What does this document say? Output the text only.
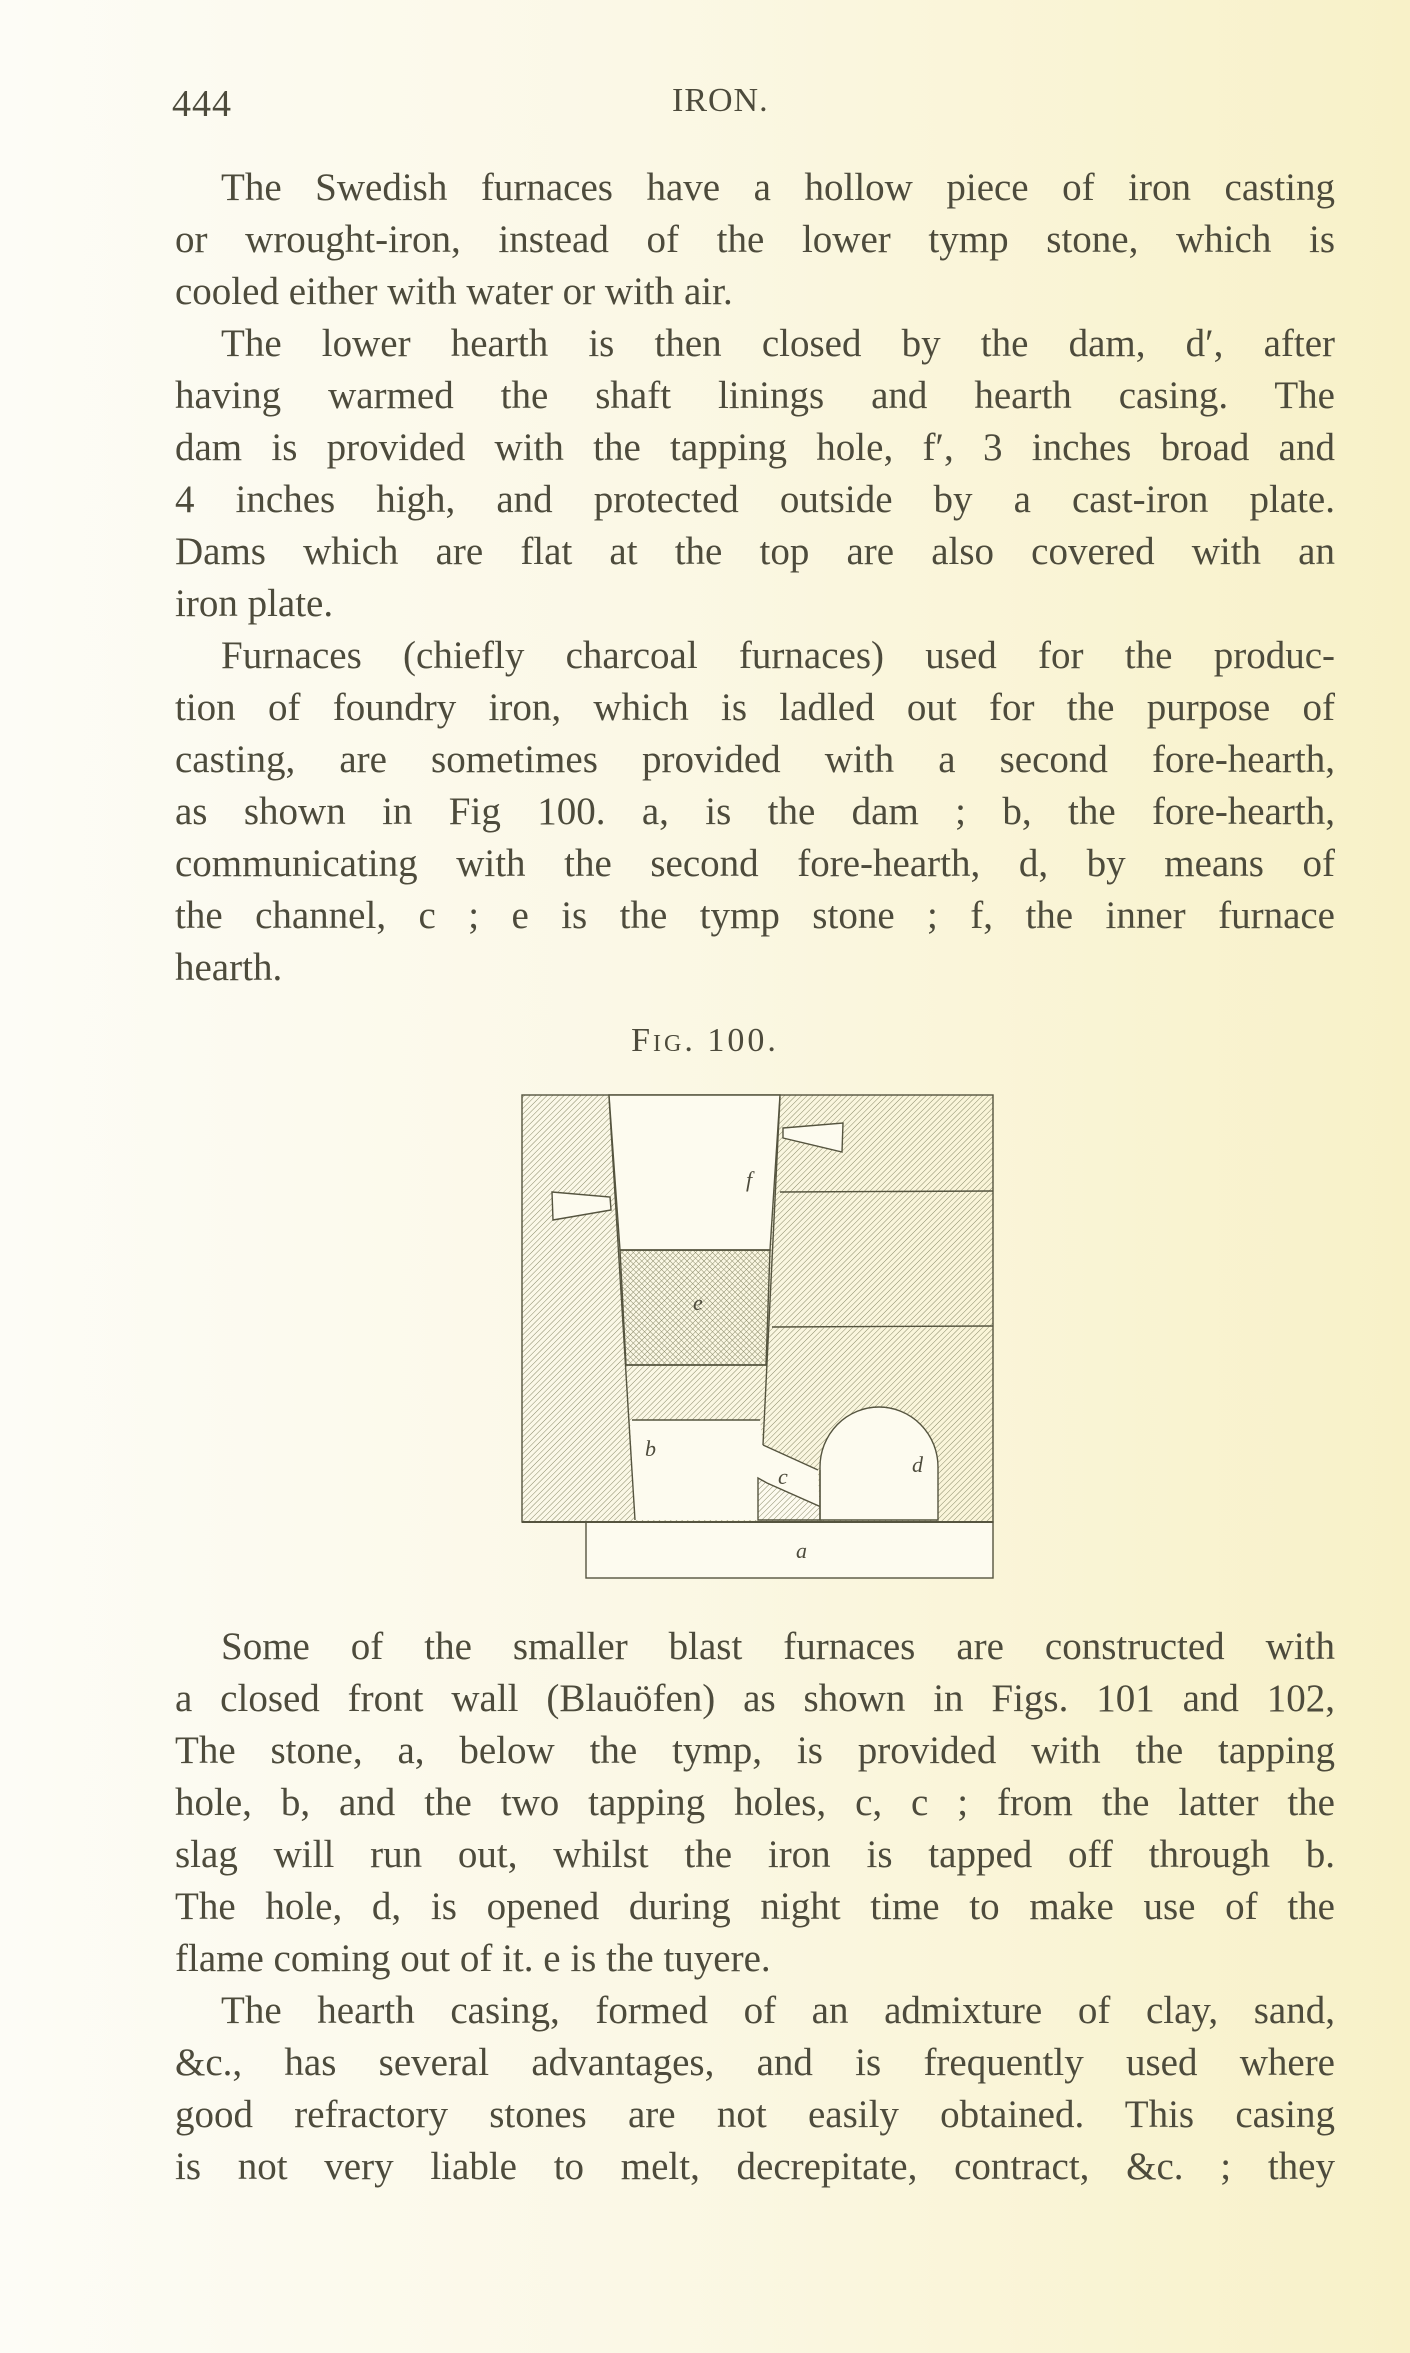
444	IRON.
The Swedish furnaces have a hollow piece of iron casting
or wrought-iron, instead of the lower tymp stone, which is
cooled either with water or with air.
The lower hearth is then closed by the dam, d′, after
having warmed the shaft linings and hearth casing. The
dam is provided with the tapping hole, f′, 3 inches broad and
4 inches high, and protected outside by a cast-iron plate.
Dams which are flat at the top are also covered with an
iron plate.
Furnaces (chiefly charcoal furnaces) used for the produc-
tion of foundry iron, which is ladled out for the purpose of
casting, are sometimes provided with a second fore-hearth,
as shown in Fig 100. a, is the dam ; b, the fore-hearth,
communicating with the second fore-hearth, d, by means of
the channel, c ; e is the tymp stone ; f, the inner furnace
hearth.
Fig. 100.
f
e
b
c	d
a
Some of the smaller blast furnaces are constructed with
a closed front wall (Blauöfen) as shown in Figs. 101 and 102,
The stone, a, below the tymp, is provided with the tapping
hole, b, and the two tapping holes, c, c ; from the latter the
slag will run out, whilst the iron is tapped off through b.
The hole, d, is opened during night time to make use of the
flame coming out of it. e is the tuyere.
The hearth casing, formed of an admixture of clay, sand,
&c., has several advantages, and is frequently used where
good refractory stones are not easily obtained. This casing
is not very liable to melt, decrepitate, contract, &c. ; they
